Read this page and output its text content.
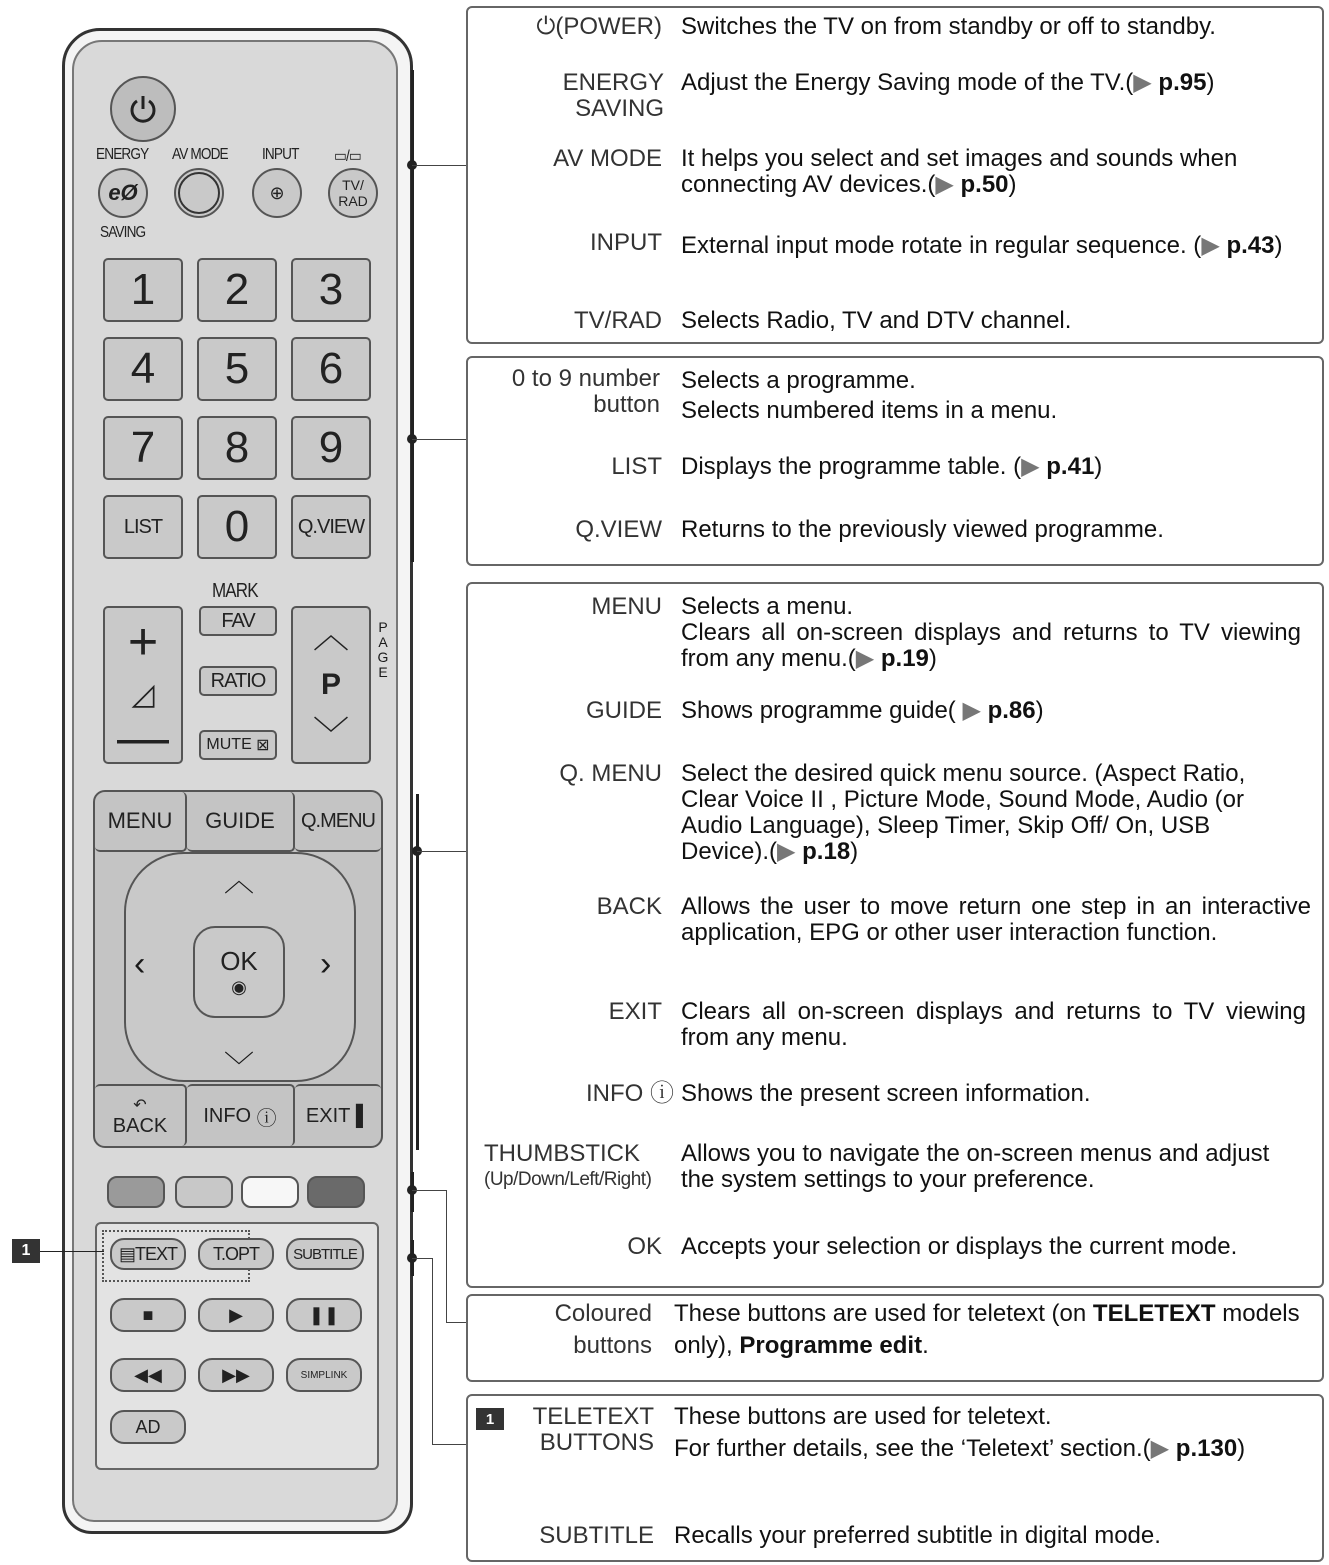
ENERGY AV MODE INPUT ▭/▭
eØ	⊕	TV/
RAD
SAVING
1	2	3
4	5	6
7	8	9
LIST	0	Q.VIEW
MARK
+
◿
—
FAV
RATIO
MUTE ⊠
︿
P
﹀
PAGE
MENU GUIDE Q.MENU
︿
‹	›
﹀
OK
◉
↶
BACK INFO ⓘ EXIT ▌
▤ TEXT	T.OPT	SUBTITLE
■	▶	❚❚
◀◀	▶▶	SIMPLINK
AD
1
⏻(POWER) Switches the TV on from standby or off to standby.
ENERGY SAVING
Adjust the Energy Saving mode of the TV.(▶ p.95)
AV MODE It helps you select and set images and sounds when connecting AV devices.(▶ p.50)
INPUT External input mode rotate in regular sequence. (▶ p.43)
TV/RAD Selects Radio, TV and DTV channel.
0 to 9 number button
Selects a programme.
Selects numbered items in a menu.
LIST Displays the programme table. (▶ p.41)
Q.VIEW Returns to the previously viewed programme.
MENU Selects a menu.
Clears all on-screen displays and returns to TV viewing from any menu.(▶ p.19)
GUIDE Shows programme guide( ▶ p.86)
Q. MENU Select the desired quick menu source. (Aspect Ratio, Clear Voice II , Picture Mode, Sound Mode, Audio (or Audio Language), Sleep Timer, Skip Off/ On, USB Device).(▶ p.18)
BACK Allows the user to move return one step in an interactive application, EPG or other user interaction function.
EXIT Clears all on-screen displays and returns to TV viewing from any menu.
INFO ⓘ Shows the present screen information.
THUMBSTICK
(Up/Down/Left/Right)
Allows you to navigate the on-screen menus and adjust the system settings to your preference.
OK Accepts your selection or displays the current mode.
Coloured buttons
These buttons are used for teletext (on TELETEXT models only), Programme edit.
1	TELETEXT BUTTONS
These buttons are used for teletext.
For further details, see the ‘Teletext’ section.(▶ p.130)
SUBTITLE Recalls your preferred subtitle in digital mode.
